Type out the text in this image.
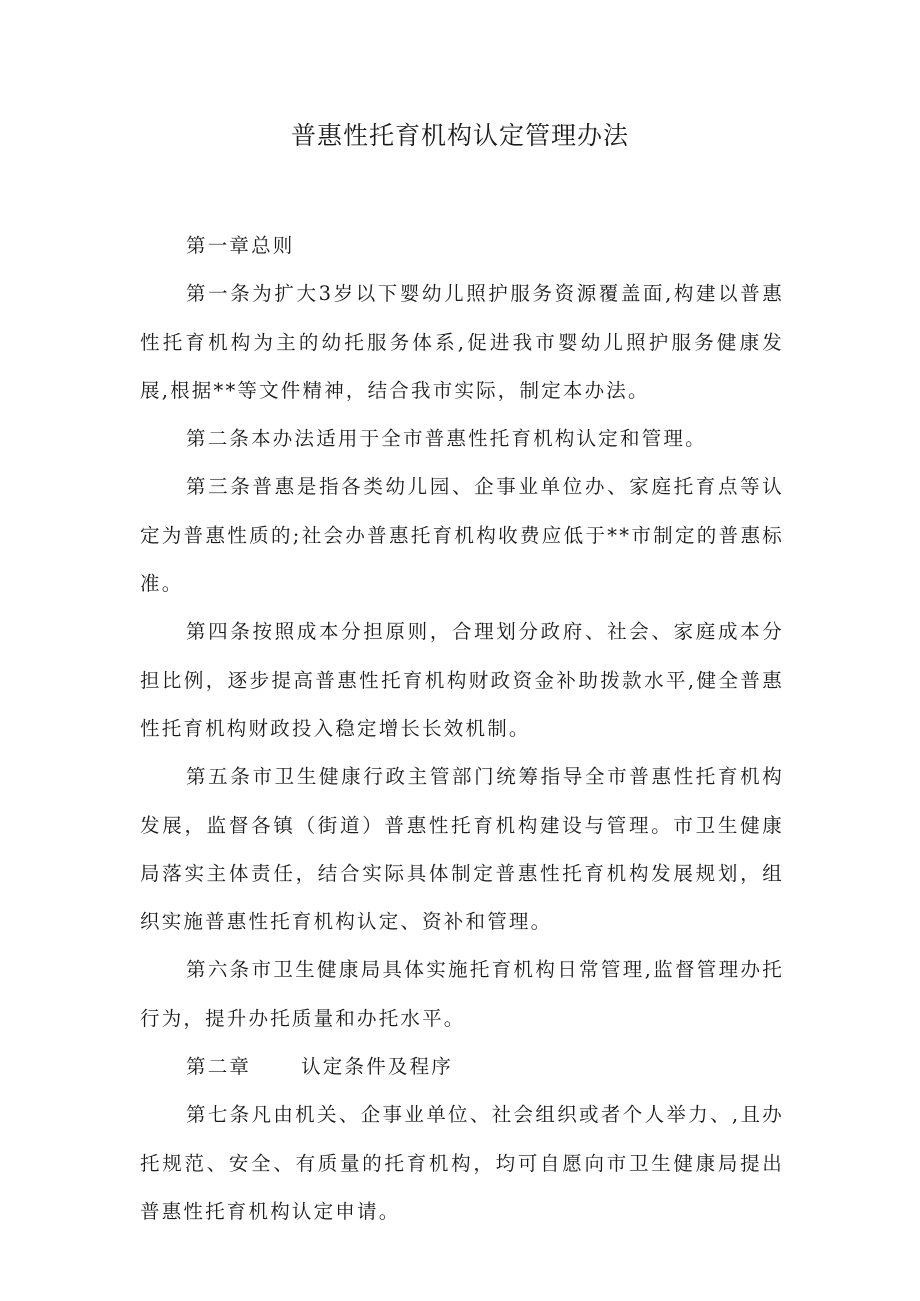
普惠性托育机构认定管理办法

第一章总则

第一条为扩大3岁以下婴幼儿照护服务资源覆盖面,构建以普惠性托育机构为主的幼托服务体系,促进我市婴幼儿照护服务健康发展,根据**等文件精神，结合我市实际，制定本办法。

第二条本办法适用于全市普惠性托育机构认定和管理。

第三条普惠是指各类幼儿园、企事业单位办、家庭托育点等认定为普惠性质的;社会办普惠托育机构收费应低于**市制定的普惠标准。

第四条按照成本分担原则，合理划分政府、社会、家庭成本分担比例，逐步提高普惠性托育机构财政资金补助拨款水平,健全普惠性托育机构财政投入稳定增长长效机制。

第五条市卫生健康行政主管部门统筹指导全市普惠性托育机构发展，监督各镇（街道）普惠性托育机构建设与管理。市卫生健康局落实主体责任，结合实际具体制定普惠性托育机构发展规划，组织实施普惠性托育机构认定、资补和管理。

第六条市卫生健康局具体实施托育机构日常管理,监督管理办托行为，提升办托质量和办托水平。

第二章	认定条件及程序

第七条凡由机关、企事业单位、社会组织或者个人举力、,且办托规范、安全、有质量的托育机构，均可自愿向市卫生健康局提出普惠性托育机构认定申请。
